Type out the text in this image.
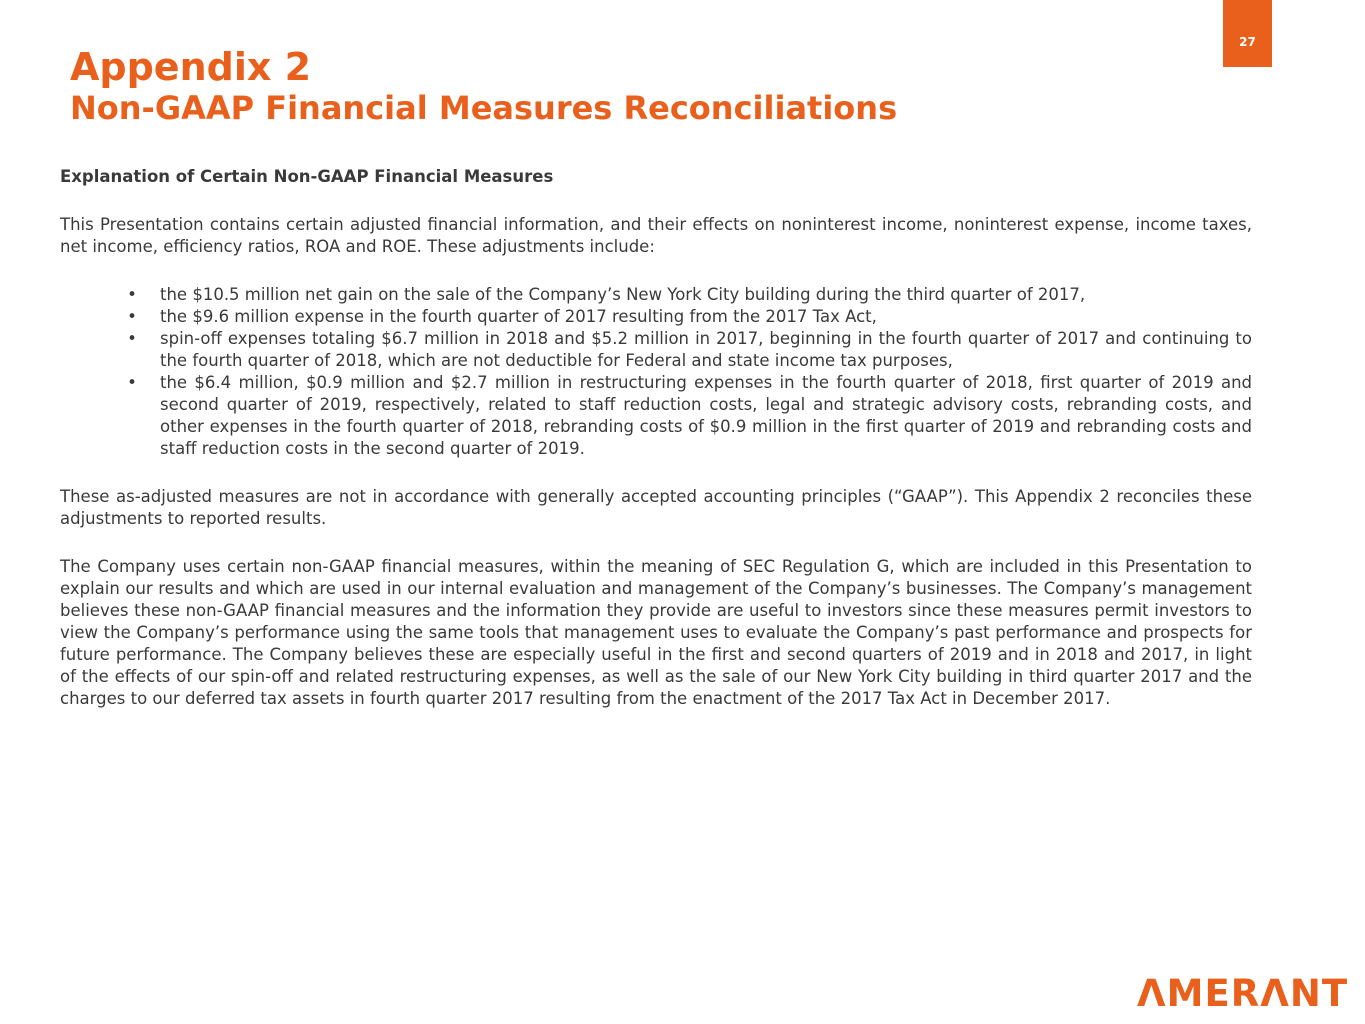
27
Appendix 2
Non-GAAP Financial Measures Reconciliations

Explanation of Certain Non-GAAP Financial Measures

This Presentation contains certain adjusted financial information, and their effects on noninterest income, noninterest expense, income taxes, net income, efficiency ratios, ROA and ROE. These adjustments include:

• the $10.5 million net gain on the sale of the Company’s New York City building during the third quarter of 2017,
• the $9.6 million expense in the fourth quarter of 2017 resulting from the 2017 Tax Act,
• spin-off expenses totaling $6.7 million in 2018 and $5.2 million in 2017, beginning in the fourth quarter of 2017 and continuing to the fourth quarter of 2018, which are not deductible for Federal and state income tax purposes,
• the $6.4 million, $0.9 million and $2.7 million in restructuring expenses in the fourth quarter of 2018, first quarter of 2019 and second quarter of 2019, respectively, related to staff reduction costs, legal and strategic advisory costs, rebranding costs, and other expenses in the fourth quarter of 2018, rebranding costs of $0.9 million in the first quarter of 2019 and rebranding costs and staff reduction costs in the second quarter of 2019.

These as-adjusted measures are not in accordance with generally accepted accounting principles (“GAAP”). This Appendix 2 reconciles these adjustments to reported results.

The Company uses certain non-GAAP financial measures, within the meaning of SEC Regulation G, which are included in this Presentation to explain our results and which are used in our internal evaluation and management of the Company’s businesses. The Company’s management believes these non-GAAP financial measures and the information they provide are useful to investors since these measures permit investors to view the Company’s performance using the same tools that management uses to evaluate the Company’s past performance and prospects for future performance. The Company believes these are especially useful in the first and second quarters of 2019 and in 2018 and 2017, in light of the effects of our spin-off and related restructuring expenses, as well as the sale of our New York City building in third quarter 2017 and the charges to our deferred tax assets in fourth quarter 2017 resulting from the enactment of the 2017 Tax Act in December 2017.

ΛMERΛNT
